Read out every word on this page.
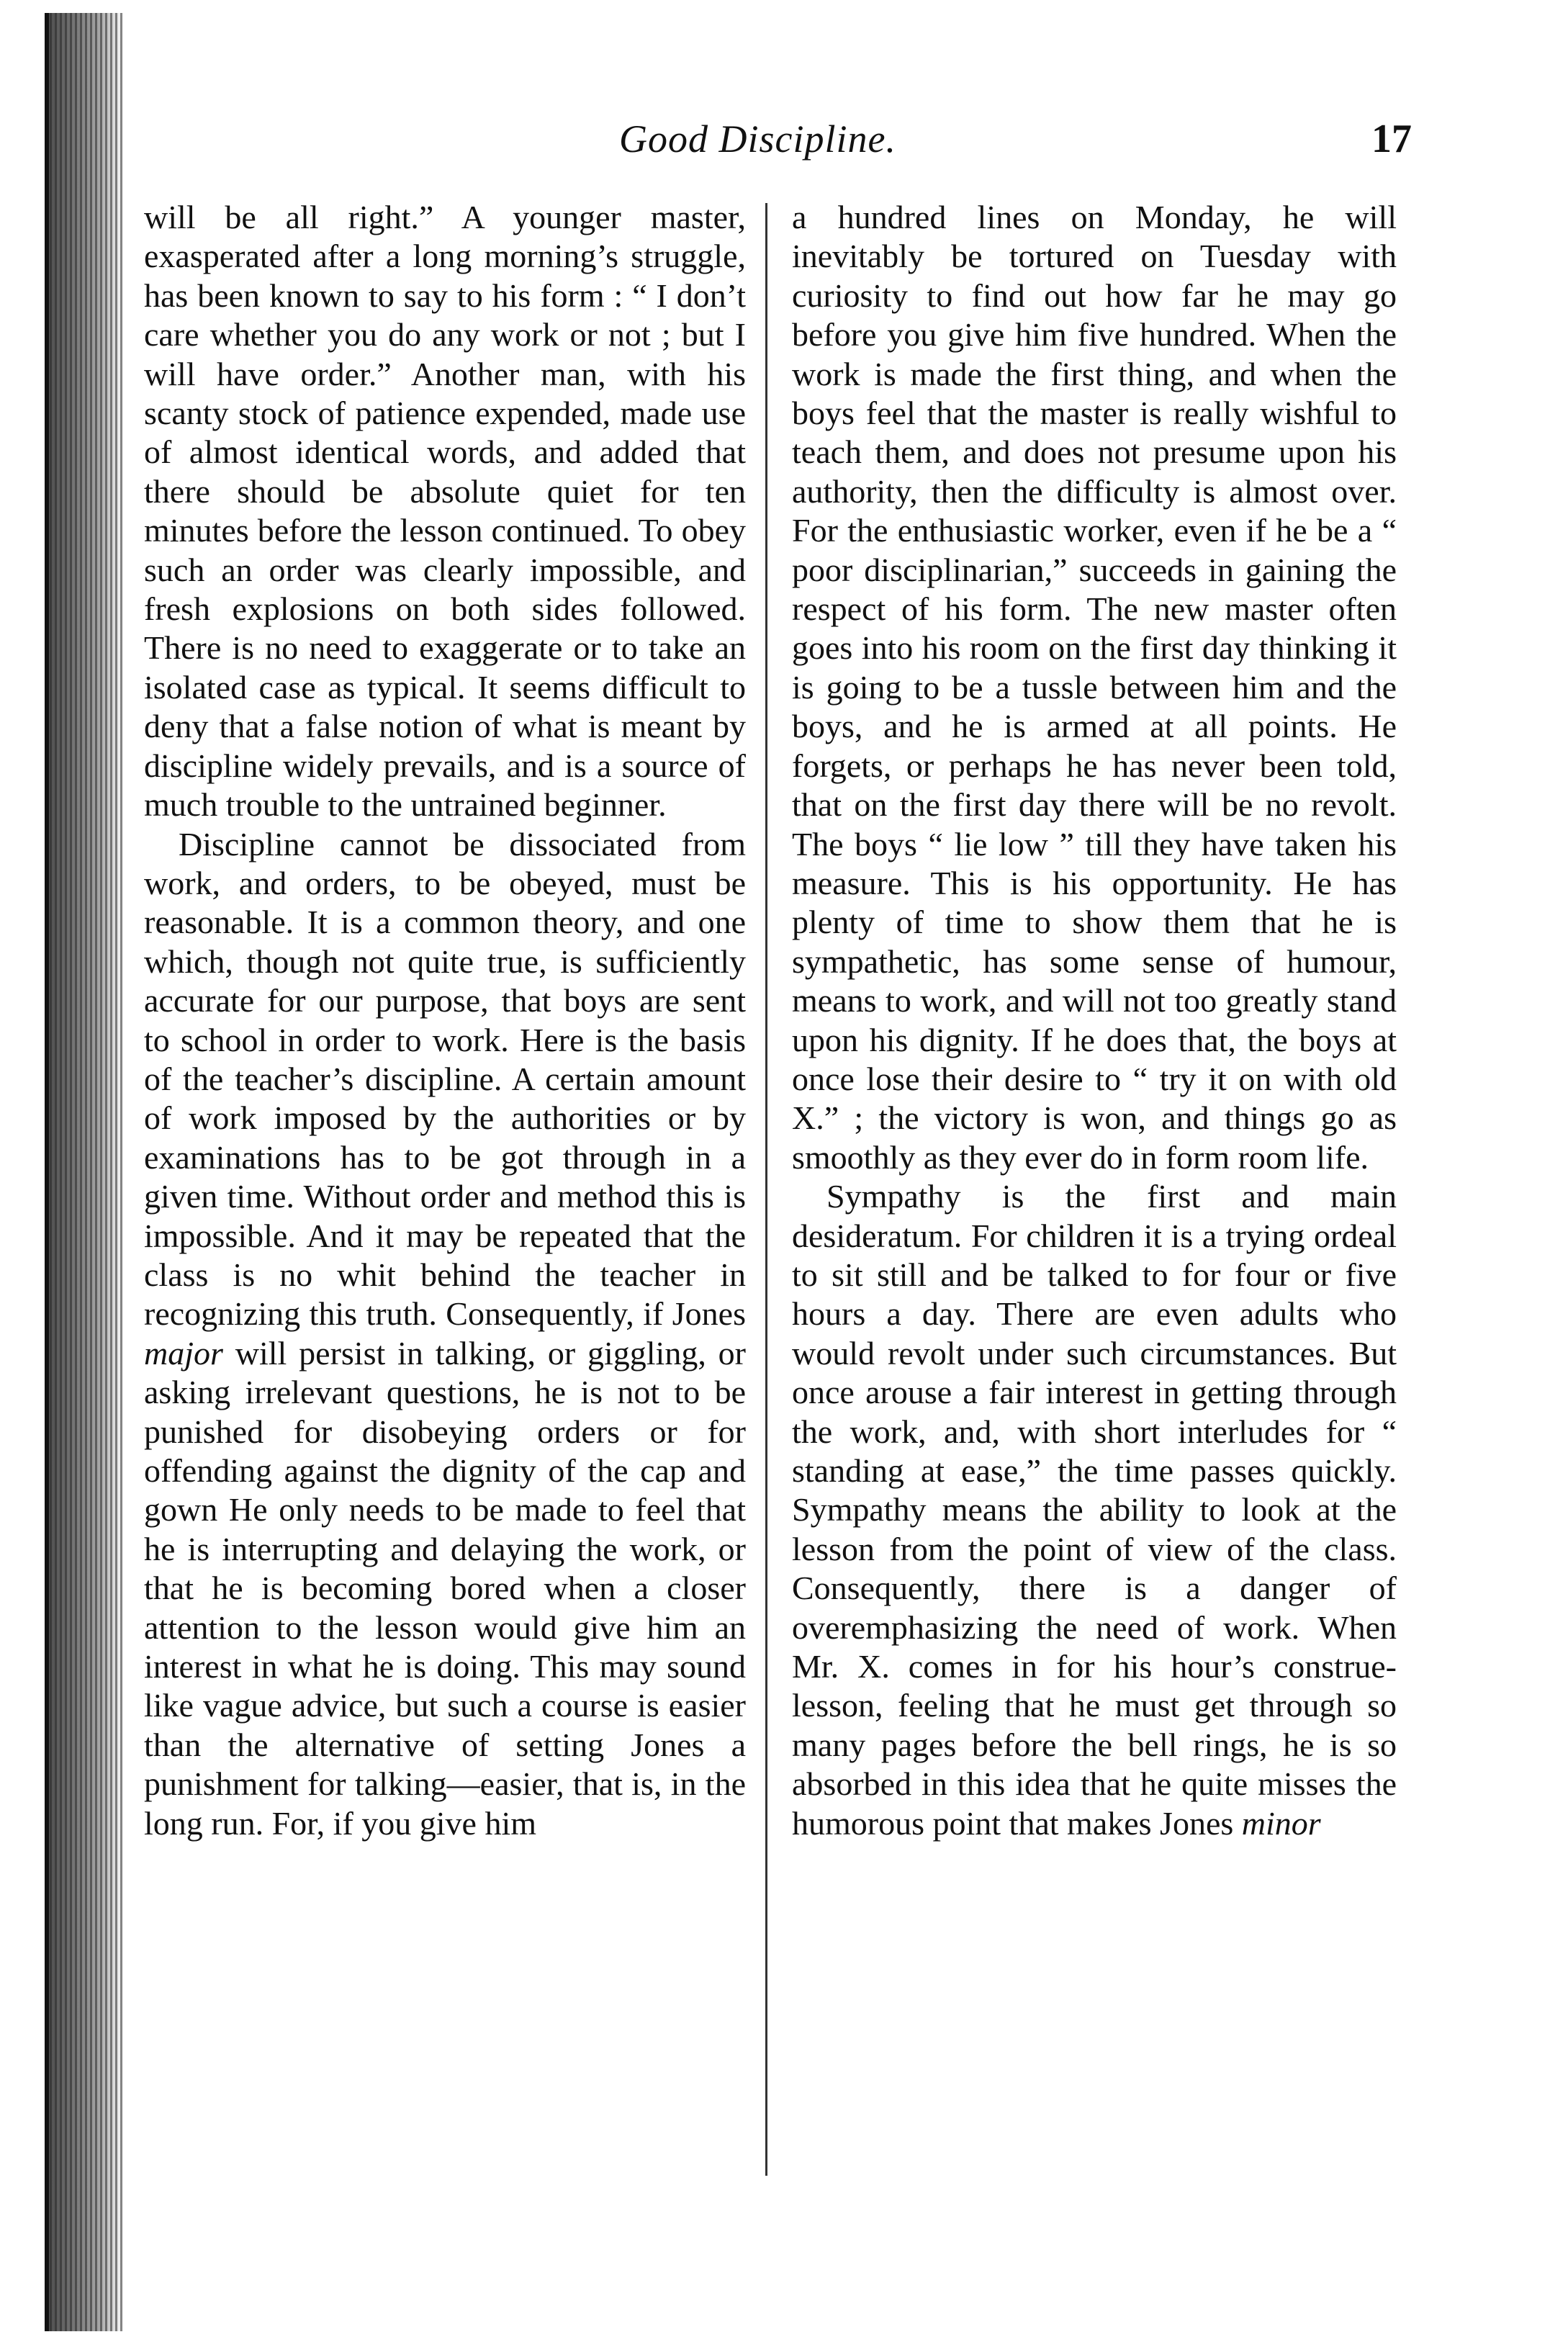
Good Discipline.	17

will be all right.” A younger master, exasperated after a long morning’s struggle, has been known to say to his form : “ I don’t care whether you do any work or not ; but I will have order.” Another man, with his scanty stock of patience expended, made use of almost identical words, and added that there should be absolute quiet for ten minutes before the lesson continued. To obey such an order was clearly impossible, and fresh explosions on both sides followed. There is no need to exaggerate or to take an isolated case as typical. It seems difficult to deny that a false notion of what is meant by discipline widely prevails, and is a source of much trouble to the untrained beginner.

Discipline cannot be dissociated from work, and orders, to be obeyed, must be reasonable. It is a common theory, and one which, though not quite true, is sufficiently accurate for our purpose, that boys are sent to school in order to work. Here is the basis of the teacher’s discipline. A certain amount of work imposed by the authorities or by examinations has to be got through in a given time. Without order and method this is impossible. And it may be repeated that the class is no whit behind the teacher in recognizing this truth. Consequently, if Jones major will persist in talking, or giggling, or asking irrelevant questions, he is not to be punished for disobeying orders or for offending against the dignity of the cap and gown He only needs to be made to feel that he is interrupting and delaying the work, or that he is becoming bored when a closer attention to the lesson would give him an interest in what he is doing. This may sound like vague advice, but such a course is easier than the alternative of setting Jones a punishment for talking—easier, that is, in the long run. For, if you give him

a hundred lines on Monday, he will inevitably be tortured on Tuesday with curiosity to find out how far he may go before you give him five hundred. When the work is made the first thing, and when the boys feel that the master is really wishful to teach them, and does not presume upon his authority, then the difficulty is almost over. For the enthusiastic worker, even if he be a “ poor disciplinarian,” succeeds in gaining the respect of his form. The new master often goes into his room on the first day thinking it is going to be a tussle between him and the boys, and he is armed at all points. He forgets, or perhaps he has never been told, that on the first day there will be no revolt. The boys “ lie low ” till they have taken his measure. This is his opportunity. He has plenty of time to show them that he is sympathetic, has some sense of humour, means to work, and will not too greatly stand upon his dignity. If he does that, the boys at once lose their desire to “ try it on with old X.” ; the victory is won, and things go as smoothly as they ever do in form room life.

Sympathy is the first and main desideratum. For children it is a trying ordeal to sit still and be talked to for four or five hours a day. There are even adults who would revolt under such circumstances. But once arouse a fair interest in getting through the work, and, with short interludes for “ standing at ease,” the time passes quickly. Sympathy means the ability to look at the lesson from the point of view of the class. Consequently, there is a danger of overemphasizing the need of work. When Mr. X. comes in for his hour’s construe-lesson, feeling that he must get through so many pages before the bell rings, he is so absorbed in this idea that he quite misses the humorous point that makes Jones minor
